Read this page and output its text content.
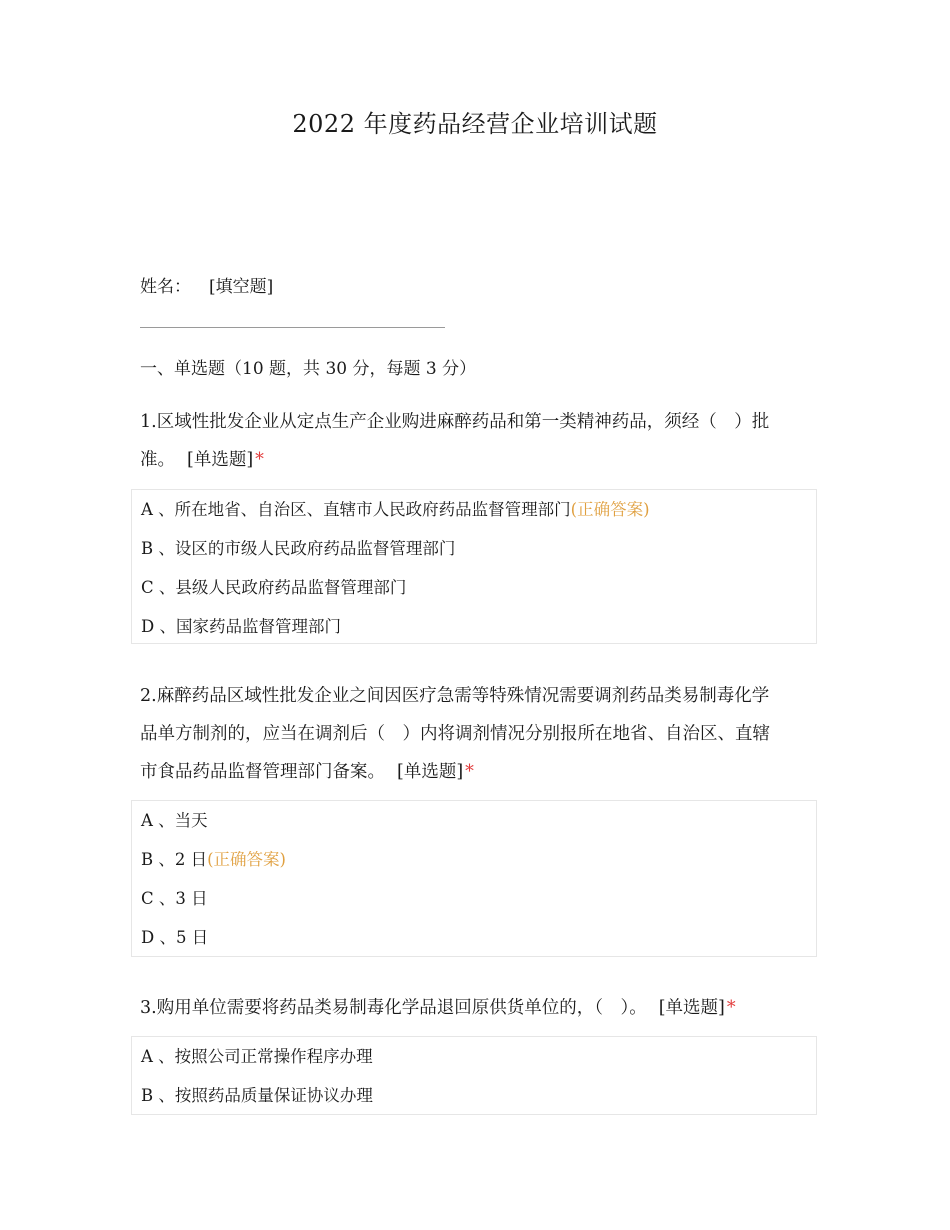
2022 年度药品经营企业培训试题
姓名： [填空题]
一、单选题（10 题，共 30 分，每题 3 分）
1.区域性批发企业从定点生产企业购进麻醉药品和第一类精神药品，须经（　）批
准。 [单选题] *
A 、所在地省、自治区、直辖市人民政府药品监督管理部门(正确答案)
B 、设区的市级人民政府药品监督管理部门
C 、县级人民政府药品监督管理部门
D 、国家药品监督管理部门
2.麻醉药品区域性批发企业之间因医疗急需等特殊情况需要调剂药品类易制毒化学
品单方制剂的，应当在调剂后（　）内将调剂情况分别报所在地省、自治区、直辖
市食品药品监督管理部门备案。 [单选题] *
A 、当天
B 、2 日(正确答案)
C 、3 日
D 、5 日
3.购用单位需要将药品类易制毒化学品退回原供货单位的，（　）。 [单选题] *
A 、按照公司正常操作程序办理
B 、按照药品质量保证协议办理
